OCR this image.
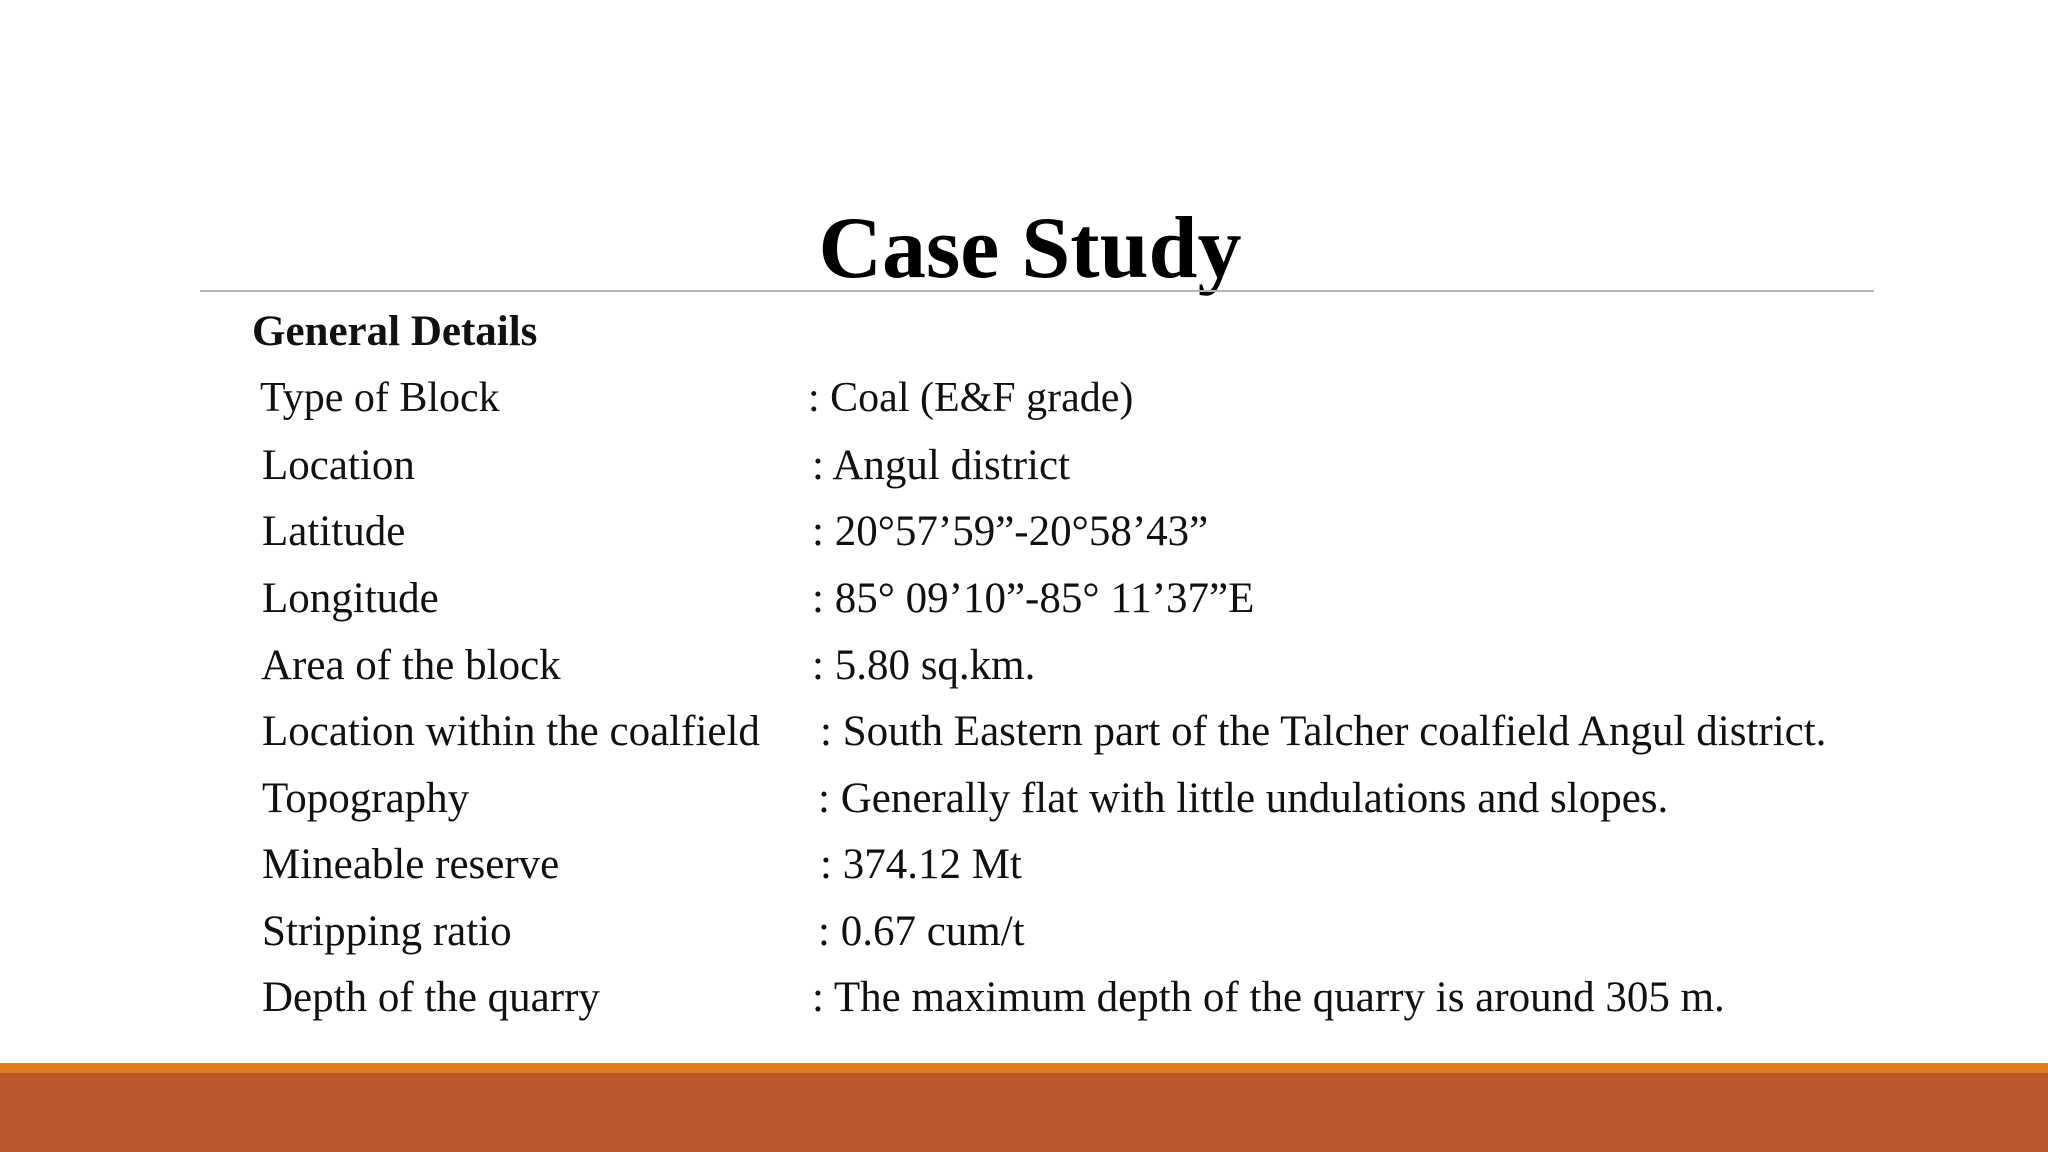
Case Study
General Details
Type of Block	: Coal (E&F grade)
Location	: Angul district
Latitude	: 20°57’59”-20°58’43”
Longitude	: 85° 09’10”-85° 11’37”E
Area of the block	: 5.80 sq.km.
Location within the coalfield : South Eastern part of the Talcher coalfield Angul district.
Topography	: Generally flat with little undulations and slopes.
Mineable reserve	: 374.12 Mt
Stripping ratio	: 0.67 cum/t
Depth of the quarry	: The maximum depth of the quarry is around 305 m.
